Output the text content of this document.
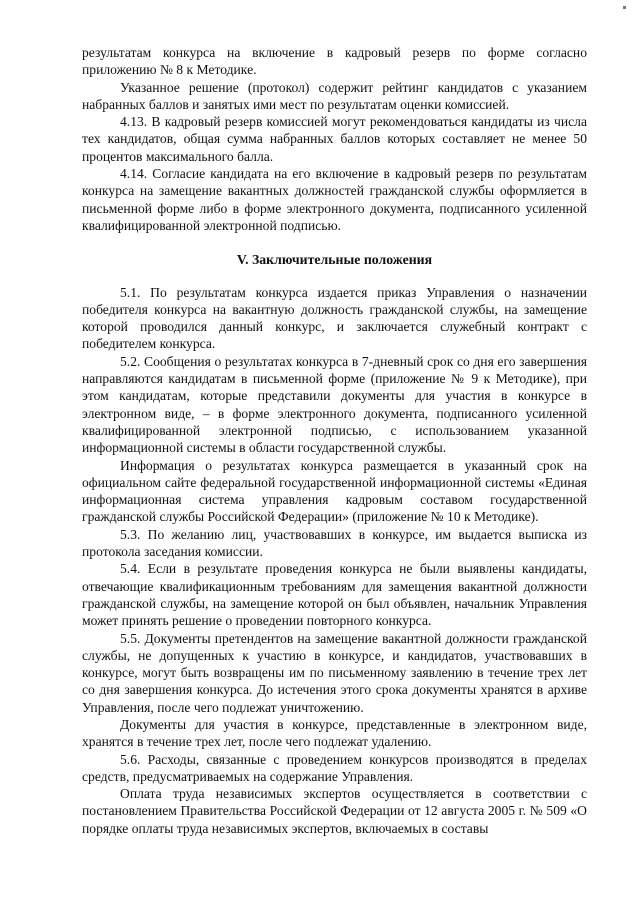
результатам конкурса на включение в кадровый резерв по форме согласно приложению № 8 к Методике.

Указанное решение (протокол) содержит рейтинг кандидатов с указанием набранных баллов и занятых ими мест по результатам оценки комиссией.

4.13. В кадровый резерв комиссией могут рекомендоваться кандидаты из числа тех кандидатов, общая сумма набранных баллов которых составляет не менее 50 процентов максимального балла.

4.14. Согласие кандидата на его включение в кадровый резерв по результатам конкурса на замещение вакантных должностей гражданской службы оформляется в письменной форме либо в форме электронного документа, подписанного усиленной квалифицированной электронной подписью.

V. Заключительные положения

5.1. По результатам конкурса издается приказ Управления о назначении победителя конкурса на вакантную должность гражданской службы, на замещение которой проводился данный конкурс, и заключается служебный контракт с победителем конкурса.

5.2. Сообщения о результатах конкурса в 7-дневный срок со дня его завершения направляются кандидатам в письменной форме (приложение № 9 к Методике), при этом кандидатам, которые представили документы для участия в конкурсе в электронном виде, – в форме электронного документа, подписанного усиленной квалифицированной электронной подписью, с использованием указанной информационной системы в области государственной службы.

Информация о результатах конкурса размещается в указанный срок на официальном сайте федеральной государственной информационной системы «Единая информационная система управления кадровым составом государственной гражданской службы Российской Федерации» (приложение № 10 к Методике).

5.3. По желанию лиц, участвовавших в конкурсе, им выдается выписка из протокола заседания комиссии.

5.4. Если в результате проведения конкурса не были выявлены кандидаты, отвечающие квалификационным требованиям для замещения вакантной должности гражданской службы, на замещение которой он был объявлен, начальник Управления может принять решение о проведении повторного конкурса.

5.5. Документы претендентов на замещение вакантной должности гражданской службы, не допущенных к участию в конкурсе, и кандидатов, участвовавших в конкурсе, могут быть возвращены им по письменному заявлению в течение трех лет со дня завершения конкурса. До истечения этого срока документы хранятся в архиве Управления, после чего подлежат уничтожению.

Документы для участия в конкурсе, представленные в электронном виде, хранятся в течение трех лет, после чего подлежат удалению.

5.6. Расходы, связанные с проведением конкурсов производятся в пределах средств, предусматриваемых на содержание Управления.

Оплата труда независимых экспертов осуществляется в соответствии с постановлением Правительства Российской Федерации от 12 августа 2005 г. № 509 «О порядке оплаты труда независимых экспертов, включаемых в составы
